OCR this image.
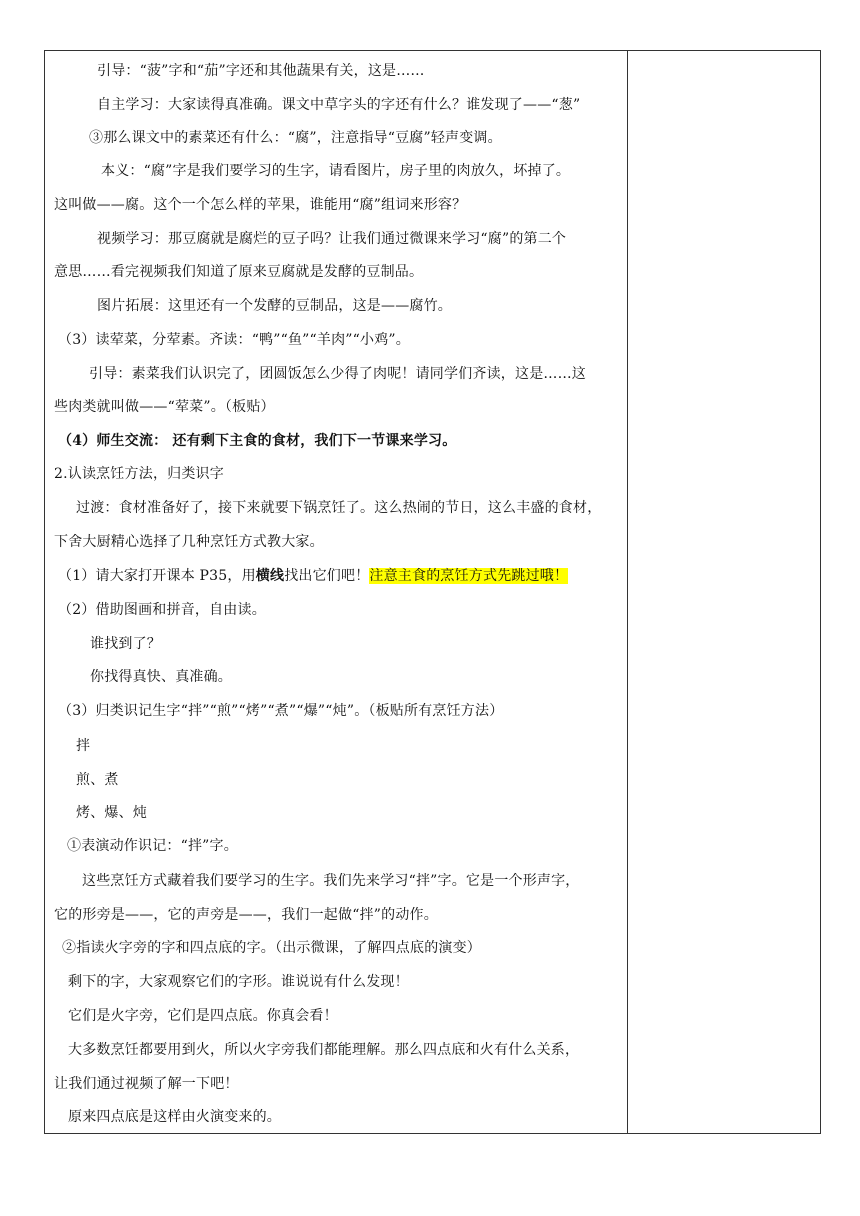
引导：“菠”字和“茄”字还和其他蔬果有关，这是……
自主学习：大家读得真准确。课文中草字头的字还有什么？谁发现了——“葱”
③那么课文中的素菜还有什么：“腐”，注意指导“豆腐”轻声变调。
本义：“腐”字是我们要学习的生字，请看图片，房子里的肉放久，坏掉了。
这叫做——腐。这个一个怎么样的苹果，谁能用“腐”组词来形容？
视频学习：那豆腐就是腐烂的豆子吗？让我们通过微课来学习“腐”的第二个
意思……看完视频我们知道了原来豆腐就是发酵的豆制品。
图片拓展：这里还有一个发酵的豆制品，这是——腐竹。
（3）读荤菜，分荤素。齐读：“鸭”“鱼”“羊肉”“小鸡”。
引导：素菜我们认识完了，团圆饭怎么少得了肉呢！请同学们齐读，这是……这
些肉类就叫做——“荤菜”。（板贴）
（4）师生交流： 还有剩下主食的食材，我们下一节课来学习。
2.认读烹饪方法，归类识字
过渡：食材准备好了，接下来就要下锅烹饪了。这么热闹的节日，这么丰盛的食材，
下舍大厨精心选择了几种烹饪方式教大家。
（1）请大家打开课本 P35，用横线找出它们吧！注意主食的烹饪方式先跳过哦！
（2）借助图画和拼音，自由读。
谁找到了？
你找得真快、真准确。
（3）归类识记生字“拌”“煎”“烤”“煮”“爆”“炖”。（板贴所有烹饪方法）
拌
煎、煮
烤、爆、炖
①表演动作识记：“拌”字。
这些烹饪方式藏着我们要学习的生字。我们先来学习“拌”字。它是一个形声字，
它的形旁是——，它的声旁是——，我们一起做“拌”的动作。
②指读火字旁的字和四点底的字。（出示微课，了解四点底的演变）
剩下的字，大家观察它们的字形。谁说说有什么发现！
它们是火字旁，它们是四点底。你真会看！
大多数烹饪都要用到火，所以火字旁我们都能理解。那么四点底和火有什么关系，
让我们通过视频了解一下吧！
原来四点底是这样由火演变来的。
